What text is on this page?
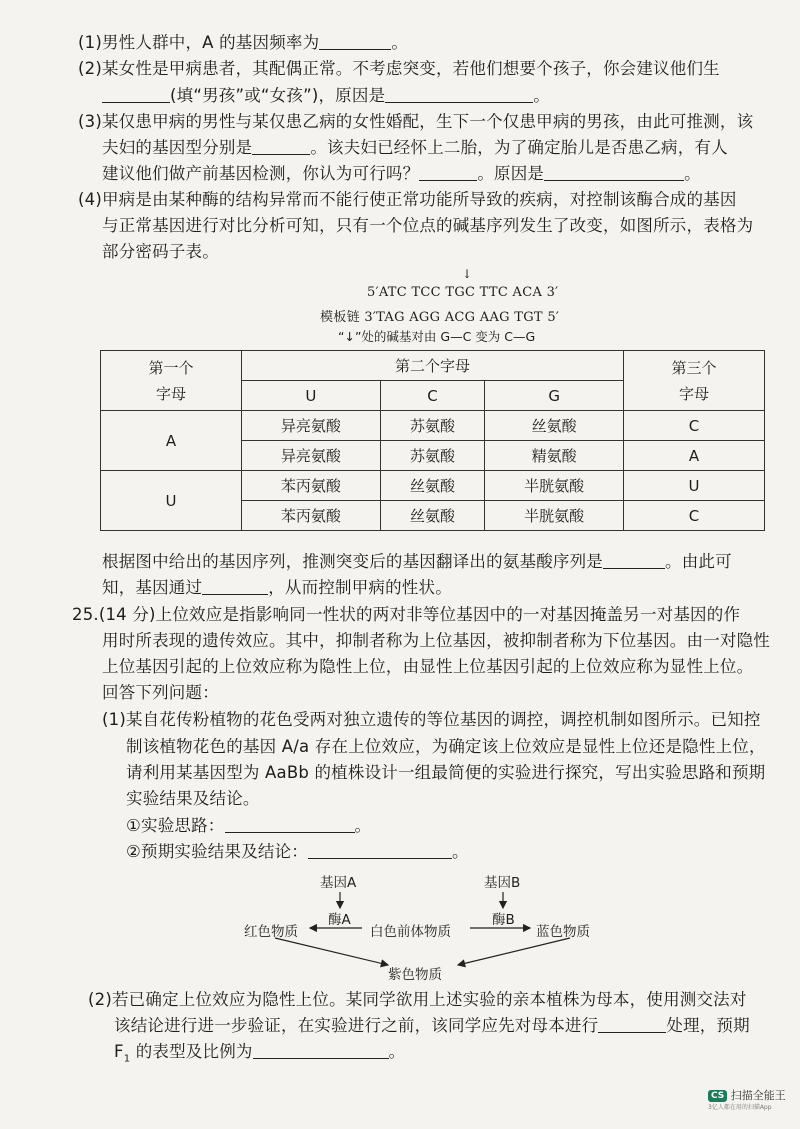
(1)男性人群中，A 的基因频率为	。
(2)某女性是甲病患者，其配偶正常。不考虑突变，若他们想要个孩子，你会建议他们生
(填“男孩”或“女孩”)，原因是	。
(3)某仅患甲病的男性与某仅患乙病的女性婚配，生下一个仅患甲病的男孩，由此可推测，该
夫妇的基因型分别是	。该夫妇已经怀上二胎，为了确定胎儿是否患乙病，有人
建议他们做产前基因检测，你认为可行吗？	。原因是	。
(4)甲病是由某种酶的结构异常而不能行使正常功能所导致的疾病，对控制该酶合成的基因
与正常基因进行对比分析可知，只有一个位点的碱基序列发生了改变，如图所示，表格为
部分密码子表。
↓
5′ATC TCC TGC TTC ACA 3′
模板链 3′TAG AGG ACG AAG TGT 5′
“↓”处的碱基对由 G—C 变为 C—G
第一个
字母	第二个字母			第三个
字母
	U	C	G	
A	异亮氨酸	苏氨酸	丝氨酸	C
	异亮氨酸	苏氨酸	精氨酸	A
U	苯丙氨酸	丝氨酸	半胱氨酸	U
	苯丙氨酸	丝氨酸	半胱氨酸	C
根据图中给出的基因序列，推测突变后的基因翻译出的氨基酸序列是	。由此可
知，基因通过	，从而控制甲病的性状。
25.(14 分)上位效应是指影响同一性状的两对非等位基因中的一对基因掩盖另一对基因的作
用时所表现的遗传效应。其中，抑制者称为上位基因，被抑制者称为下位基因。由一对隐性
上位基因引起的上位效应称为隐性上位，由显性上位基因引起的上位效应称为显性上位。
回答下列问题：
(1)某自花传粉植物的花色受两对独立遗传的等位基因的调控，调控机制如图所示。已知控
制该植物花色的基因 A/a 存在上位效应，为确定该上位效应是显性上位还是隐性上位，
请利用某基因型为 AaBb 的植株设计一组最简便的实验进行探究，写出实验思路和预期
实验结果及结论。
①实验思路：	。
②预期实验结果及结论：	。
基因A	基因B
酶A	酶B
红色物质	白色前体物质	蓝色物质
紫色物质
(2)若已确定上位效应为隐性上位。某同学欲用上述实验的亲本植株为母本，使用测交法对
该结论进行进一步验证，在实验进行之前，该同学应先对母本进行	处理，预期
$F_1$ 的表型及比例为	。
CS 扫描全能王
3亿人都在用的扫描App
